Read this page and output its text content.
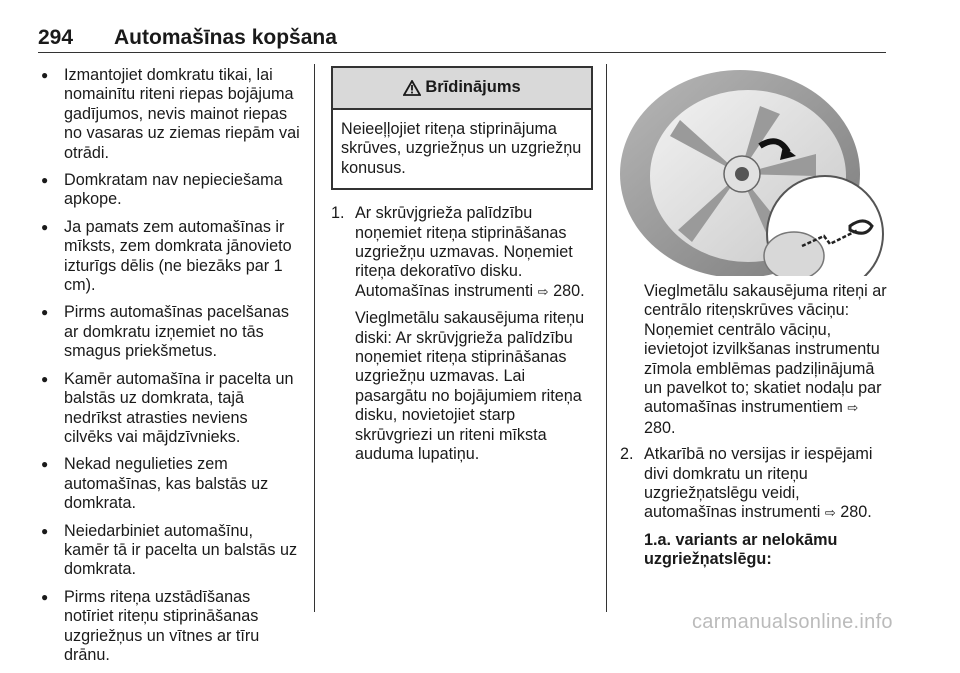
294 Automašīnas kopšana
● Izmantojiet domkratu tikai, lai nomainītu riteni riepas bojājuma gadījumos, nevis mainot riepas no vasaras uz ziemas riepām vai otrādi.
● Domkratam nav nepieciešama apkope.
● Ja pamats zem automašīnas ir mīksts, zem domkrata jānovieto izturīgs dēlis (ne biezāks par 1 cm).
● Pirms automašīnas pacelšanas ar domkratu izņemiet no tās smagus priekšmetus.
● Kamēr automašīna ir pacelta un balstās uz domkrata, tajā nedrīkst atrasties neviens cilvēks vai mājdzīvnieks.
● Nekad negulieties zem automašīnas, kas balstās uz domkrata.
● Neiedarbiniet automašīnu, kamēr tā ir pacelta un balstās uz domkrata.
● Pirms riteņa uzstādīšanas notīriet riteņu stiprināšanas uzgriežņus un vītnes ar tīru drānu.
Brīdinājums
Neieeļļojiet riteņa stiprinājuma skrūves, uzgriežņus un uzgriežņu konusus.
1. Ar skrūvjgrieža palīdzību noņemiet riteņa stiprināšanas uzgriežņu uzmavas. Noņemiet riteņa dekoratīvo disku. Automašīnas instrumenti ⇨ 280.

Vieglmetālu sakausējuma riteņu diski: Ar skrūvjgrieža palīdzību noņemiet riteņa stiprināšanas uzgriežņu uzmavas. Lai pasargātu no bojājumiem riteņa disku, novietojiet starp skrūvgriezi un riteni mīksta auduma lupatiņu.

Vieglmetālu sakausējuma riteņi ar centrālo riteņskrūves vāciņu: Noņemiet centrālo vāciņu, ievietojot izvilkšanas instrumentu zīmola emblēmas padziļinājumā un pavelkot to; skatiet nodaļu par automašīnas instrumentiem ⇨ 280.

2. Atkarībā no versijas ir iespējami divi domkratu un riteņu uzgriežņatslēgu veidi, automašīnas instrumenti ⇨ 280.

1.a. variants ar nelokāmu uzgriežņatslēgu:

carmanualsonline.info
